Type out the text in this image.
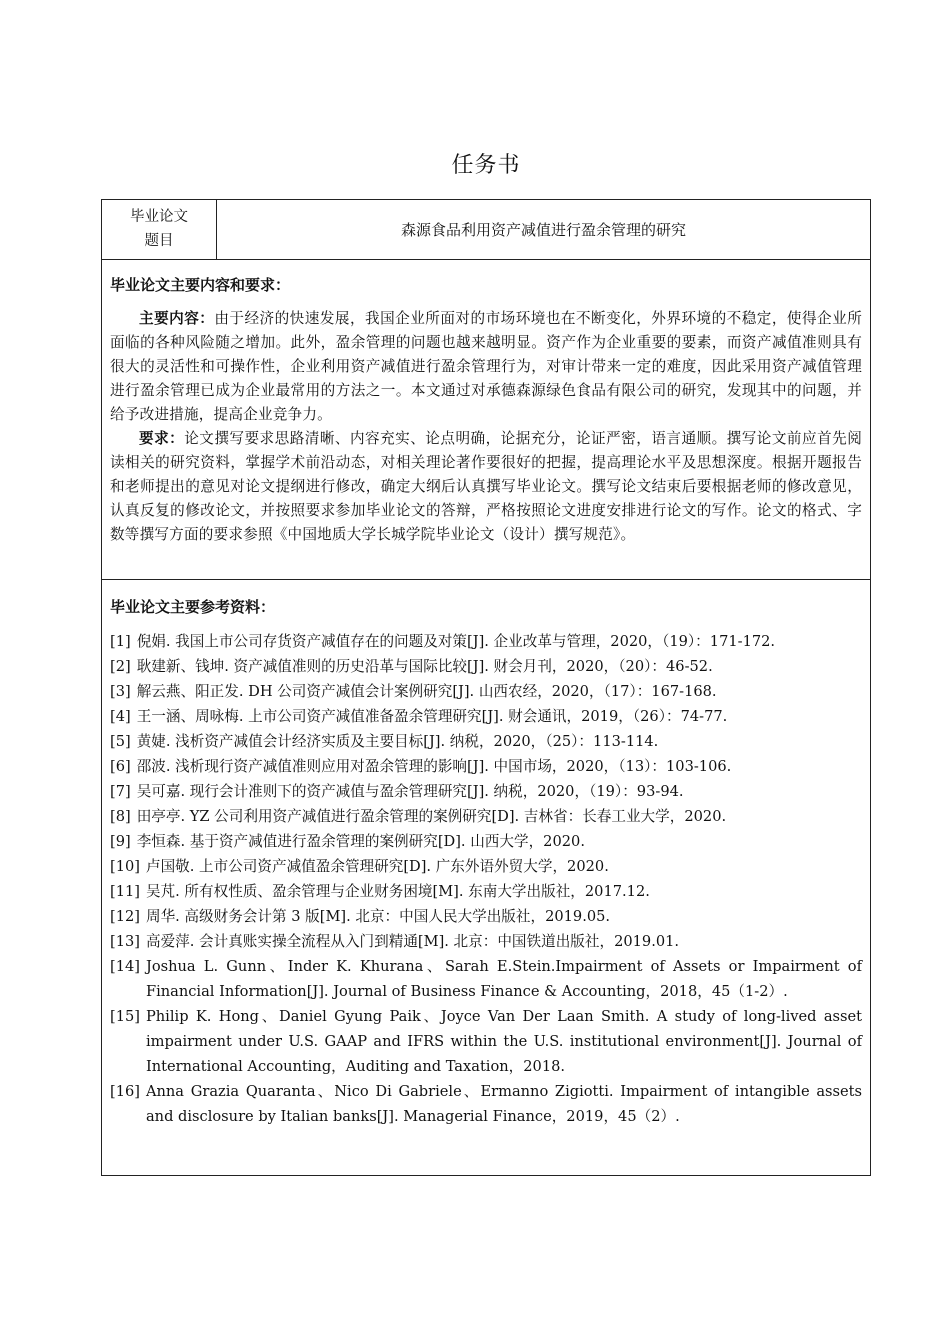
任务书
毕业论文
题目
森源食品利用资产减值进行盈余管理的研究
毕业论文主要内容和要求：

主要内容：由于经济的快速发展，我国企业所面对的市场环境也在不断变化，外界环境的不稳定，使得企业所面临的各种风险随之增加。此外，盈余管理的问题也越来越明显。资产作为企业重要的要素，而资产减值准则具有很大的灵活性和可操作性，企业利用资产减值进行盈余管理行为，对审计带来一定的难度，因此采用资产减值管理进行盈余管理已成为企业最常用的方法之一。本文通过对承德森源绿色食品有限公司的研究，发现其中的问题，并给予改进措施，提高企业竞争力。

要求：论文撰写要求思路清晰、内容充实、论点明确，论据充分，论证严密，语言通顺。撰写论文前应首先阅读相关的研究资料，掌握学术前沿动态，对相关理论著作要很好的把握，提高理论水平及思想深度。根据开题报告和老师提出的意见对论文提纲进行修改，确定大纲后认真撰写毕业论文。撰写论文结束后要根据老师的修改意见，认真反复的修改论文，并按照要求参加毕业论文的答辩，严格按照论文进度安排进行论文的写作。论文的格式、字数等撰写方面的要求参照《中国地质大学长城学院毕业论文（设计）撰写规范》。

毕业论文主要参考资料：
[1] 倪娟. 我国上市公司存货资产减值存在的问题及对策[J]. 企业改革与管理，2020，（19）：171-172.
[2] 耿建新、钱坤. 资产减值准则的历史沿革与国际比较[J]. 财会月刊，2020，（20）：46-52.
[3] 解云燕、阳正发. DH 公司资产减值会计案例研究[J]. 山西农经，2020，（17）：167-168.
[4] 王一涵、周咏梅. 上市公司资产减值准备盈余管理研究[J]. 财会通讯，2019，（26）：74-77.
[5] 黄婕. 浅析资产减值会计经济实质及主要目标[J]. 纳税，2020，（25）：113-114.
[6] 邵波. 浅析现行资产减值准则应用对盈余管理的影响[J]. 中国市场，2020，（13）：103-106.
[7] 吴可嘉. 现行会计准则下的资产减值与盈余管理研究[J]. 纳税，2020，（19）：93-94.
[8] 田亭亭. YZ 公司利用资产减值进行盈余管理的案例研究[D]. 吉林省：长春工业大学，2020.
[9] 李恒森. 基于资产减值进行盈余管理的案例研究[D]. 山西大学，2020.
[10] 卢国敬. 上市公司资产减值盈余管理研究[D]. 广东外语外贸大学，2020.
[11] 吴芃. 所有权性质、盈余管理与企业财务困境[M]. 东南大学出版社，2017.12.
[12] 周华. 高级财务会计第 3 版[M]. 北京：中国人民大学出版社，2019.05.
[13] 高爱萍. 会计真账实操全流程从入门到精通[M]. 北京：中国铁道出版社，2019.01.
[14] Joshua L. Gunn、Inder K. Khurana、Sarah E.Stein.Impairment of Assets or Impairment of Financial Information[J]. Journal of Business Finance & Accounting，2018，45（1-2）.
[15] Philip K. Hong、Daniel Gyung Paik、Joyce Van Der Laan Smith. A study of long-lived asset impairment under U.S. GAAP and IFRS within the U.S. institutional environment[J]. Journal of International Accounting，Auditing and Taxation，2018.
[16] Anna Grazia Quaranta、Nico Di Gabriele、Ermanno Zigiotti. Impairment of intangible assets and disclosure by Italian banks[J]. Managerial Finance，2019，45（2）.
